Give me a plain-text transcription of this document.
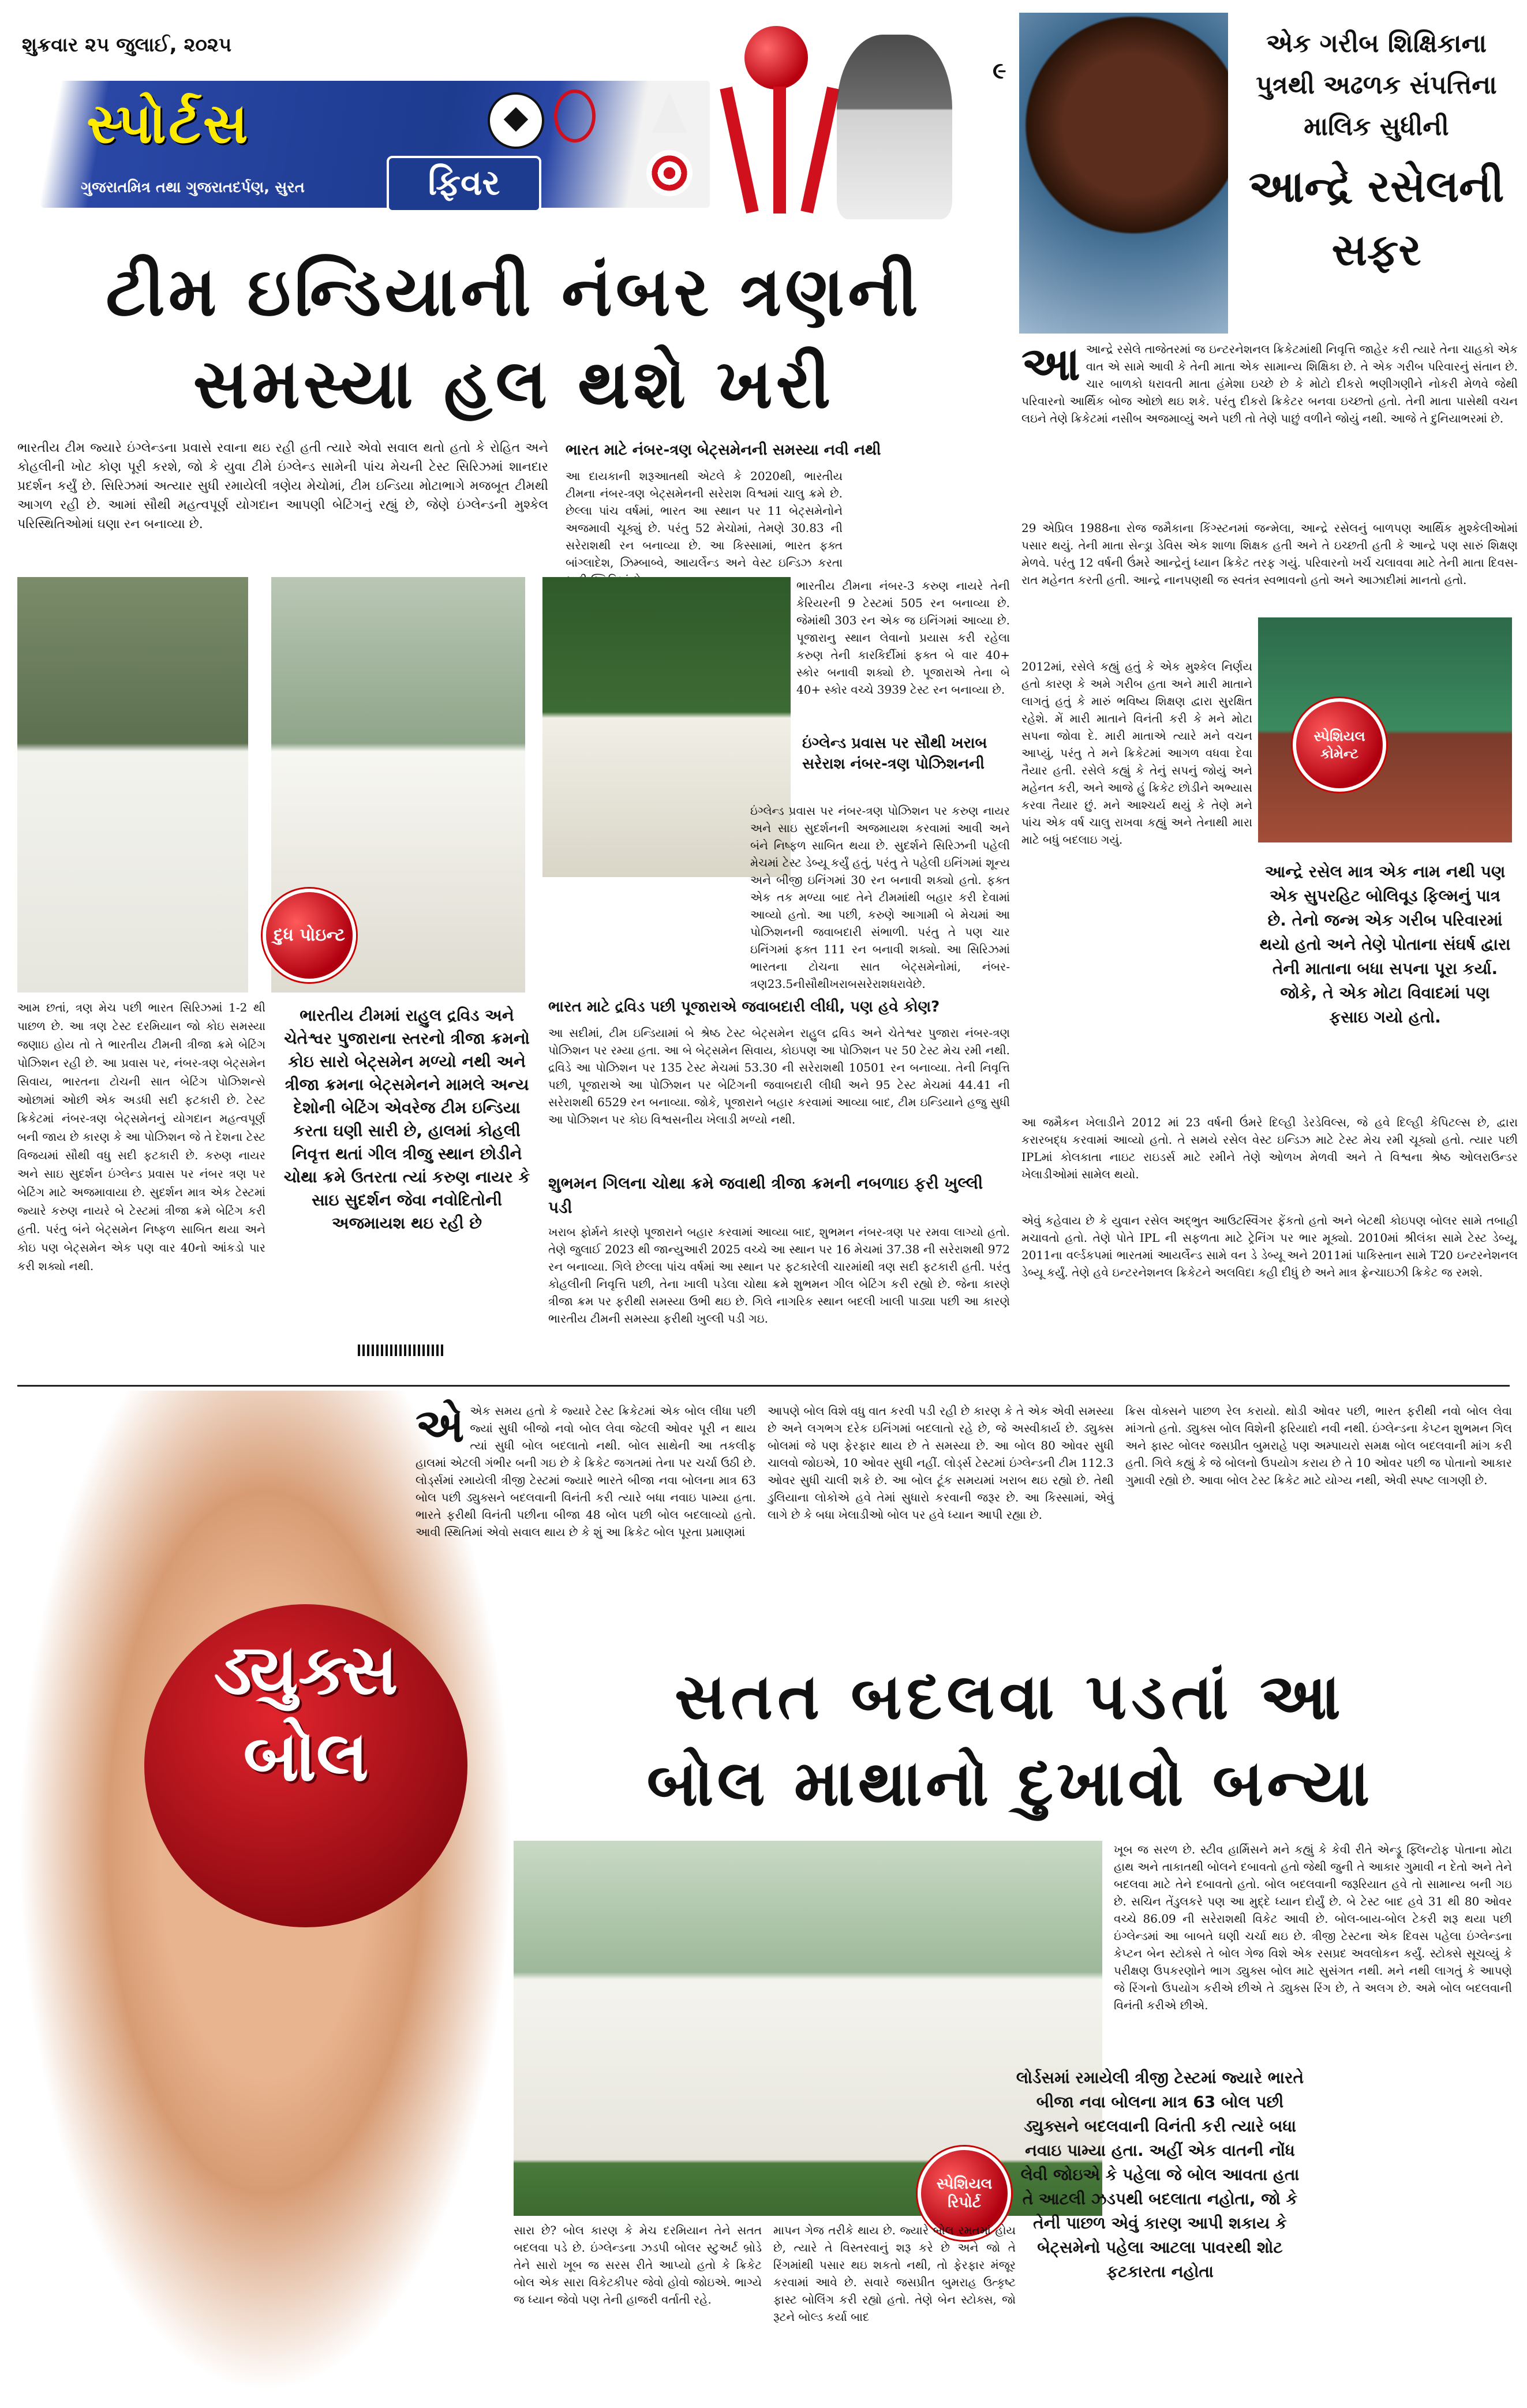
શુક્રવાર ૨૫ જુલાઈ, ૨૦૨૫
સ્પોર્ટસ
ફિવર
ગુજરાતમિત્ર તથા ગુજરાતદર્પણ, સુરત
૯
એક ગરીબ શિક્ષિકાના પુત્રથી અઢળક સંપત્તિના માલિક સુધીની
આન્દ્રે રસેલની સફર
ટીમ ઇન્ડિયાની નંબર ત્રણની
સમસ્યા હલ થશે ખરી
ભારતીય ટીમ જ્યારે ઇંગ્લેન્ડના પ્રવાસે રવાના થઇ રહી હતી ત્યારે એવો સવાલ થતો હતો કે રોહિત અને કોહલીની ખોટ કોણ પૂરી કરશે, જો કે યુવા ટીમે ઇંગ્લેન્ડ સામેની પાંચ મેચની ટેસ્ટ સિરિઝમાં શાનદાર પ્રદર્શન કર્યું છે. સિરિઝમાં અત્યાર સુધી રમાયેલી ત્રણેય મેચોમાં, ટીમ ઇન્ડિયા મોટાભાગે મજબૂત ટીમથી આગળ રહી છે. આમાં સૌથી મહત્વપૂર્ણ યોગદાન આપણી બેટિંગનું રહ્યું છે, જેણે ઇંગ્લેન્ડની મુશ્કેલ પરિસ્થિતિઓમાં ઘણા રન બનાવ્યા છે.
ભારત માટે નંબર-ત્રણ બેટ્સમેનની સમસ્યા નવી નથી
આ દાયકાની શરૂઆતથી એટલે કે 2020થી, ભારતીય ટીમના નંબર-ત્રણ બેટ્સમેનની સરેરાશ વિશ્વમાં ચાલુ ક્રમે છે. છેલ્લા પાંચ વર્ષમાં, ભારત આ સ્થાન પર 11 બેટ્સમેનોને અજમાવી ચૂક્યું છે. પરંતુ 52 મેચોમાં, તેમણે 30.83 ની સરેરાશથી રન બનાવ્યા છે. આ કિસ્સામાં, ભારત ફક્ત બાંગ્લાદેશ, ઝિમ્બાબ્વે, આયર્લેન્ડ અને વેસ્ટ ઇન્ડિઝ કરતા
દુધ પોઇન્ટ
ભારતીય ટીમના નંબર-3 કરુણ નાયરે તેની કેરિયરની 9 ટેસ્ટમાં 505 રન બનાવ્યા છે. જેમાંથી 303 રન એક જ ઇનિંગમાં આવ્યા છે. પૂજારાનુ સ્થાન લેવાનો પ્રયાસ કરી રહેલા કરુણ તેની કારકિર્દીમાં ફક્ત બે વાર 40+ સ્કોર બનાવી શક્યો છે. પૂજારાએ તેના બે 40+ સ્કોર વચ્ચે 3939 ટેસ્ટ રન બનાવ્યા છે.
ઇંગ્લેન્ડ પ્રવાસ પર સૌથી ખરાબ સરેરાશ નંબર-ત્રણ પોઝિશનની
ઇંગ્લેન્ડ પ્રવાસ પર નંબર-ત્રણ પોઝિશન પર કરુણ નાયર અને સાઇ સુદર્શનની અજમાયશ કરવામાં આવી અને બંને નિષ્ફળ સાબિત થયા છે. સુદર્શને સિરિઝની પહેલી મેચમાં ટેસ્ટ ડેબ્યૂ કર્યું હતું, પરંતુ તે પહેલી ઇનિંગમાં શૂન્ય અને બીજી ઇનિંગમાં 30 રન બનાવી શક્યો હતો. ફક્ત એક તક મળ્યા બાદ તેને ટીમમાંથી બહાર કરી દેવામાં આવ્યો હતો. આ પછી, કરુણે આગામી બે મેચમાં આ પોઝિશનની જવાબદારી સંભાળી. પરંતુ તે પણ ચાર ઇનિંગમાં ફક્ત 111 રન બનાવી શક્યો. આ સિરિઝમાં ભારતના ટોચના સાત બેટ્સમેનોમાં, નંબર-ત્રણ23.5નીસૌથીખરાબસરેરાશધરાવેછે.
આમ છતાં, ત્રણ મેચ પછી ભારત સિરિઝમાં 1-2 થી પાછળ છે. આ ત્રણ ટેસ્ટ દરમિયાન જો કોઇ સમસ્યા જણાઇ હોય તો તે ભારતીય ટીમની ત્રીજા ક્રમે બેટિંગ પોઝિશન રહી છે. આ પ્રવાસ પર, નંબર-ત્રણ બેટ્સમેન સિવાય, ભારતના ટોચની સાત બેટિંગ પોઝિશન્સે ઓછામાં ઓછી એક અડધી સદી ફટકારી છે. ટેસ્ટ ક્રિકેટમાં નંબર-ત્રણ બેટ્સમેનનું યોગદાન મહત્વપૂર્ણ બની જાય છે કારણ કે આ પોઝિશન જે તે દેશના ટેસ્ટ વિજયમાં સૌથી વધુ સદી ફટકારી છે. કરુણ નાયર અને સાઇ સુદર્શન ઇંગ્લેન્ડ પ્રવાસ પર નંબર ત્રણ પર બેટિંગ માટે અજમાવાયા છે. સુદર્શન માત્ર એક ટેસ્ટમાં જ્યારે કરુણ નાયરે બે ટેસ્ટમાં ત્રીજા ક્રમે બેટિંગ કરી હતી. પરંતુ બંને બેટ્સમેન નિષ્ફળ સાબિત થયા અને કોઇ પણ બેટ્સમેન એક પણ વાર 40નો આંકડો પાર કરી શક્યો નથી.
ભારતીય ટીમમાં રાહુલ દ્રવિડ અને ચેતેશ્વર પુજારાના સ્તરનો ત્રીજા ક્રમનો કોઇ સારો બેટ્સમેન મળ્યો નથી અને ત્રીજા ક્રમના બેટ્સમેનને મામલે અન્ય દેશોની બેટિંગ એવરેજ ટીમ ઇન્ડિયા કરતા ઘણી સારી છે, હાલમાં કોહલી નિવૃત્ત થતાં ગીલ ત્રીજુ સ્થાન છોડીને ચોથા ક્રમે ઉતરતા ત્યાં કરુણ નાયર કે સાઇ સુદર્શન જેવા નવોદિતોની અજમાયશ થઇ રહી છે
ભારત માટે દ્રવિડ પછી પૂજારાએ જવાબદારી લીધી, પણ હવે કોણ?
આ સદીમાં, ટીમ ઇન્ડિયામાં બે શ્રેષ્ઠ ટેસ્ટ બેટ્સમેન રાહુલ દ્રવિડ અને ચેતેશ્વર પુજારા નંબર-ત્રણ પોઝિશન પર રમ્યા હતા. આ બે બેટ્સમેન સિવાય, કોઇપણ આ પોઝિશન પર 50 ટેસ્ટ મેચ રમી નથી. દ્રવિડે આ પોઝિશન પર 135 ટેસ્ટ મેચમાં 53.30 ની સરેરાશથી 10501 રન બનાવ્યા. તેની નિવૃત્તિ પછી, પૂજારાએ આ પોઝિશન પર બેટિંગની જવાબદારી લીધી અને 95 ટેસ્ટ મેચમાં 44.41 ની સરેરાશથી 6529 રન બનાવ્યા. જોકે, પૂજારાને બહાર કરવામાં આવ્યા બાદ, ટીમ ઇન્ડિયાને હજુ સુધી આ પોઝિશન પર કોઇ વિશ્વસનીય ખેલાડી મળ્યો નથી.
શુભમન ગિલના ચોથા ક્રમે જવાથી ત્રીજા ક્રમની નબળાઇ ફરી ખુલ્લી પડી
ખરાબ ફોર્મને કારણે પૂજારાને બહાર કરવામાં આવ્યા બાદ, શુભમન નંબર-ત્રણ પર રમવા લાગ્યો હતો. તેણે જુલાઈ 2023 થી જાન્યુઆરી 2025 વચ્ચે આ સ્થાન પર 16 મેચમાં 37.38 ની સરેરાશથી 972 રન બનાવ્યા. ગિલે છેલ્લા પાંચ વર્ષમાં આ સ્થાન પર ફટકારેલી ચારમાંથી ત્રણ સદી ફટકારી હતી. પરંતુ કોહલીની નિવૃત્તિ પછી, તેના ખાલી પડેલા ચોથા ક્રમે શુભમન ગીલ બેટિંગ કરી રહ્યો છે. જેના કારણે ત્રીજા ક્રમ પર ફરીથી સમસ્યા ઉભી થઇ છે. ગિલે નાગરિક સ્થાન બદલી ખાલી પાડ્યા પછી આ કારણે ભારતીય ટીમની સમસ્યા ફરીથી ખુલ્લી પડી ગઇ.
આ આન્દ્રે રસેલે તાજેતરમાં જ ઇન્ટરનેશનલ ક્રિકેટમાંથી નિવૃત્તિ જાહેર કરી ત્યારે તેના ચાહકો એક વાત એ સામે આવી કે તેની માતા એક સામાન્ય શિક્ષિકા છે. તે એક ગરીબ પરિવારનું સંતાન છે. ચાર બાળકો ધરાવતી માતા હંમેશા ઇચ્છે છે કે મોટો દીકરો ભણીગણીને નોકરી મેળવે જેથી પરિવારનો આર્થિક બોજ ઓછો થઇ શકે. પરંતુ દીકરો ક્રિકેટર બનવા ઇચ્છતો હતો. તેની માતા પાસેથી વચન લઇને તેણે ક્રિકેટમાં નસીબ અજમાવ્યું અને પછી તો તેણે પાછું વળીને જોયું નથી. આજે તે દુનિયાભરમાં છે.
29 એપ્રિલ 1988ના રોજ જમૈકાના કિંગ્સ્ટનમાં જન્મેલા, આન્દ્રે રસેલનું બાળપણ આર્થિક મુશ્કેલીઓમાં પસાર થયું. તેની માતા સેન્ડ્રા ડેવિસ એક શાળા શિક્ષક હતી અને તે ઇચ્છતી હતી કે આન્દ્રે પણ સારું શિક્ષણ મેળવે. પરંતુ 12 વર્ષની ઉંમરે આન્દ્રેનું ધ્યાન ક્રિકેટ તરફ ગયું. પરિવારનો ખર્ચ ચલાવવા માટે તેની માતા દિવસ-રાત મહેનત કરતી હતી. આન્દ્રે નાનપણથી જ સ્વતંત્ર સ્વભાવનો હતો અને આઝાદીમાં માનતો હતો.
2012માં, રસેલે કહ્યું હતું કે એક મુશ્કેલ નિર્ણય હતો કારણ કે અમે ગરીબ હતા અને મારી માતાને લાગતું હતું કે મારું ભવિષ્ય શિક્ષણ દ્વારા સુરક્ષિત રહેશે. મેં મારી માતાને વિનંતી કરી કે મને મોટા સપના જોવા દે. મારી માતાએ ત્યારે મને વચન આપ્યું, પરંતુ તે મને ક્રિકેટમાં આગળ વધવા દેવા તૈયાર હતી. રસેલે કહ્યું કે તેનું સપનું જોયું અને મહેનત કરી, અને આજે હું ક્રિકેટ છોડીને અભ્યાસ કરવા તૈયાર છું. મને આશ્ચર્ય થયું કે તેણે મને પાંચ એક વર્ષ ચાલુ રાખવા કહ્યું અને તેનાથી મારા માટે બધું બદલાઇ ગયું.
સ્પેશિયલ કોમેન્ટ
આન્દ્રે રસેલ માત્ર એક નામ નથી પણ એક સુપરહિટ બોલિવૂડ ફિલ્મનું પાત્ર છે. તેનો જન્મ એક ગરીબ પરિવારમાં થયો હતો અને તેણે પોતાના સંઘર્ષ દ્વારા તેની માતાના બધા સપના પૂરા કર્યા. જોકે, તે એક મોટા વિવાદમાં પણ ફસાઇ ગયો હતો.
આ જમૈકન ખેલાડીને 2012 માં 23 વર્ષની ઉંમરે દિલ્હી ડેરડેવિલ્સ, જે હવે દિલ્હી કેપિટલ્સ છે, દ્વારા કરારબદ્ધ કરવામાં આવ્યો હતો. તે સમયે રસેલ વેસ્ટ ઇન્ડિઝ માટે ટેસ્ટ મેચ રમી ચૂક્યો હતો. ત્યાર પછી IPLમાં કોલકાતા નાઇટ રાઇડર્સ માટે રમીને તેણે ઓળખ મેળવી અને તે વિશ્વના શ્રેષ્ઠ ઓલરાઉન્ડર ખેલાડીઓમાં સામેલ થયો.
એવું કહેવાય છે કે યુવાન રસેલ અદ્ભુત આઉટસ્વિંગર ફેંકતો હતો અને બેટથી કોઇપણ બોલર સામે તબાહી મચાવતો હતો. તેણે પોતે IPL ની સફળતા માટે ટ્રેનિંગ પર ભાર મૂક્યો. 2010માં શ્રીલંકા સામે ટેસ્ટ ડેબ્યૂ, 2011ના વર્લ્ડકપમાં ભારતમાં આયર્લેન્ડ સામે વન ડે ડેબ્યૂ અને 2011માં પાકિસ્તાન સામે T20 ઇન્ટરનેશનલ ડેબ્યૂ કર્યું. તેણે હવે ઇન્ટરનેશનલ ક્રિકેટને અલવિદા કહી દીધું છે અને માત્ર ફ્રેન્ચાઇઝી ક્રિકેટ જ રમશે.
ડ્યુક્સ
બોલ
એ એક સમય હતો કે જ્યારે ટેસ્ટ ક્રિકેટમાં એક બોલ લીધા પછી જ્યાં સુધી બીજો નવો બોલ લેવા જેટલી ઓવર પૂરી ન થાય ત્યાં સુધી બોલ બદલાતો નથી. બોલ સાથેની આ તકલીફ હાલમાં એટલી ગંભીર બની ગઇ છે કે ક્રિકેટ જગતમાં તેના પર ચર્ચા ઉઠી છે. લોર્ડ્સમાં રમાયેલી ત્રીજી ટેસ્ટમાં જ્યારે ભારતે બીજા નવા બોલના માત્ર 63 બોલ પછી ડ્યુક્સને બદલવાની વિનંતી કરી ત્યારે બધા નવાઇ પામ્યા હતા. ભારતે ફરીથી વિનંતી પછીના બીજા 48 બોલ પછી બોલ બદલાવ્યો હતો. આવી સ્થિતિમાં એવો સવાલ થાય છે કે શું આ ક્રિકેટ બોલ પૂરતા પ્રમાણમાં
આપણે બોલ વિશે વધુ વાત કરવી પડી રહી છે કારણ કે તે એક એવી સમસ્યા છે અને લગભગ દરેક ઇનિંગમાં બદલાતો રહે છે, જે અસ્વીકાર્ય છે. ડ્યુક્સ બોલમાં જે પણ ફેરફાર થાય છે તે સમસ્યા છે. આ બોલ 80 ઓવર સુધી ચાલવો જોઇએ, 10 ઓવર સુધી નહીં. લોર્ડ્સ ટેસ્ટમાં ઇંગ્લેન્ડની ટીમ 112.3 ઓવર સુધી ચાલી શકે છે. આ બોલ ટૂંક સમયમાં ખરાબ થઇ રહ્યો છે. તેથી ડુલિયાના લોકોએ હવે તેમાં સુધારો કરવાની જરૂર છે. આ કિસ્સામાં, એવું લાગે છે કે બધા ખેલાડીઓ બોલ પર હવે ધ્યાન આપી રહ્યા છે.
ક્રિસ વોક્સને પાછળ રેલ કરાયો. થોડી ઓવર પછી, ભારત ફરીથી નવો બોલ લેવા માંગતો હતો. ડ્યુક્સ બોલ વિશેની ફરિયાદો નવી નથી. ઇંગ્લેન્ડના કેપ્ટન શુભમન ગિલ અને ફાસ્ટ બોલર જસપ્રીત બુમરાહે પણ અમ્પાયરો સમક્ષ બોલ બદલવાની માંગ કરી હતી. ગિલે કહ્યું કે જે બોલનો ઉપયોગ કરાય છે તે 10 ઓવર પછી જ પોતાનો આકાર ગુમાવી રહ્યો છે. આવા બોલ ટેસ્ટ ક્રિકેટ માટે યોગ્ય નથી, એવી સ્પષ્ટ લાગણી છે.
સતત બદલવા પડતાં આ
બોલ માથાનો દુખાવો બન્યા
ખૂબ જ સરળ છે. સ્ટીવ હાર્મિસને મને કહ્યું કે કેવી રીતે એન્ડ્રૂ ફ્લિન્ટોફ પોતાના મોટા હાથ અને તાકાતથી બોલને દબાવતો હતો જેથી જુની તે આકાર ગુમાવી ન દેતો અને તેને બદલવા માટે તેને દબાવતો હતો. બોલ બદલવાની જરૂરિયાત હવે તો સામાન્ય બની ગઇ છે. સચિન તેંડુલકરે પણ આ મુદ્દે ધ્યાન દોર્યું છે. બે ટેસ્ટ બાદ હવે 31 થી 80 ઓવર વચ્ચે 86.09 ની સરેરાશથી વિકેટ આવી છે. બોલ-બાય-બોલ ટેકરી શરૂ થયા પછી ઇંગ્લેન્ડમાં આ બાબતે ઘણી ચર્ચા થઇ છે. ત્રીજી ટેસ્ટના એક દિવસ પહેલા ઇંગ્લેન્ડના કેપ્ટન બેન સ્ટોક્સે તે બોલ ગેજ વિશે એક રસપ્રદ અવલોકન કર્યું. સ્ટોક્સે સૂચવ્યું કે પરીક્ષણ ઉપકરણોને ભાગ ડ્યુક્સ બોલ માટે સુસંગત નથી. મને નથી લાગતું કે આપણે જે રિંગનો ઉપયોગ કરીએ છીએ તે ડ્યુક્સ રિંગ છે, તે અલગ છે. અમે બોલ બદલવાની વિનંતી કરીએ છીએ.
સ્પેશિયલ રિપોર્ટ
લોર્ડસમાં રમાયેલી ત્રીજી ટેસ્ટમાં જ્યારે ભારતે બીજા નવા બોલના માત્ર 63 બોલ પછી ડ્યુક્સને બદલવાની વિનંતી કરી ત્યારે બધા નવાઇ પામ્યા હતા. અહીં એક વાતની નોંધ લેવી જોઇએ કે પહેલા જે બોલ આવતા હતા તે આટલી ઝડપથી બદલાતા નહોતા, જો કે તેની પાછળ એવું કારણ આપી શકાય કે બેટ્સમેનો પહેલા આટલા પાવરથી શોટ ફટકારતા નહોતા
સારા છે? બોલ કારણ કે મેચ દરમિયાન તેને સતત બદલવા પડે છે. ઇંગ્લેન્ડના ઝડપી બોલર સ્ટુઅર્ટ બ્રોડે તેને સારો ખૂબ જ સરસ રીતે આપ્યો હતો કે ક્રિકેટ બોલ એક સારા વિકેટકીપર જેવો હોવો જોઇએ. ભાગ્યે જ ધ્યાન જેવો પણ તેની હાજરી વર્તાતી રહે.
માપન ગેજ તરીકે થાય છે. જ્યારે બોલ રમતમાં હોય છે, ત્યારે તે વિસ્તરવાનું શરૂ કરે છે અને જો તે રિંગમાંથી પસાર થઇ શકતો નથી, તો ફેરફાર મંજૂર કરવામાં આવે છે. સવારે જસપ્રીત બુમરાહ ઉત્કૃષ્ટ ફાસ્ટ બોલિંગ કરી રહ્યો હતો. તેણે બેન સ્ટોક્સ, જો રૂટને બોલ્ડ કર્યા બાદ
